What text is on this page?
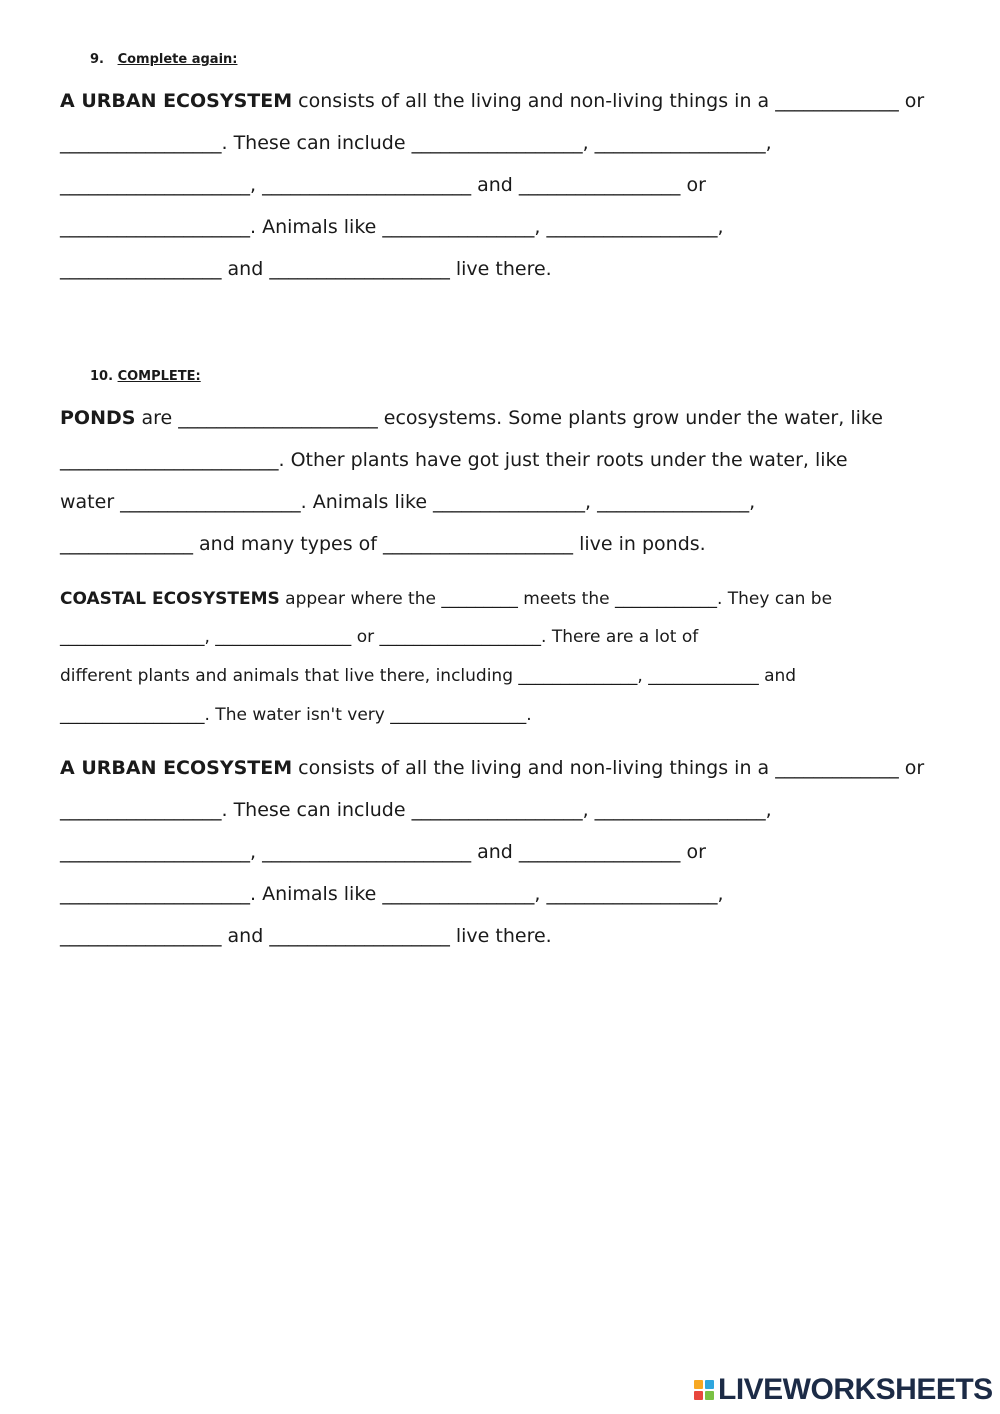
9. Complete again:
A URBAN ECOSYSTEM consists of all the living and non-living things in a _____________ or
_________________. These can include __________________, __________________,
____________________, ______________________ and _________________ or
____________________. Animals like ________________, __________________,
_________________ and ___________________ live there.
10. COMPLETE:
PONDS are _____________________ ecosystems. Some plants grow under the water, like
_______________________. Other plants have got just their roots under the water, like
water ___________________. Animals like ________________, ________________,
______________ and many types of ____________________ live in ponds.
COASTAL ECOSYSTEMS appear where the _________ meets the ____________. They can be
_________________, ________________ or ___________________. There are a lot of
different plants and animals that live there, including ______________, _____________ and
_________________. The water isn't very ________________.
A URBAN ECOSYSTEM consists of all the living and non-living things in a _____________ or
_________________. These can include __________________, __________________,
____________________, ______________________ and _________________ or
____________________. Animals like ________________, __________________,
_________________ and ___________________ live there.
LIVEWORKSHEETS
